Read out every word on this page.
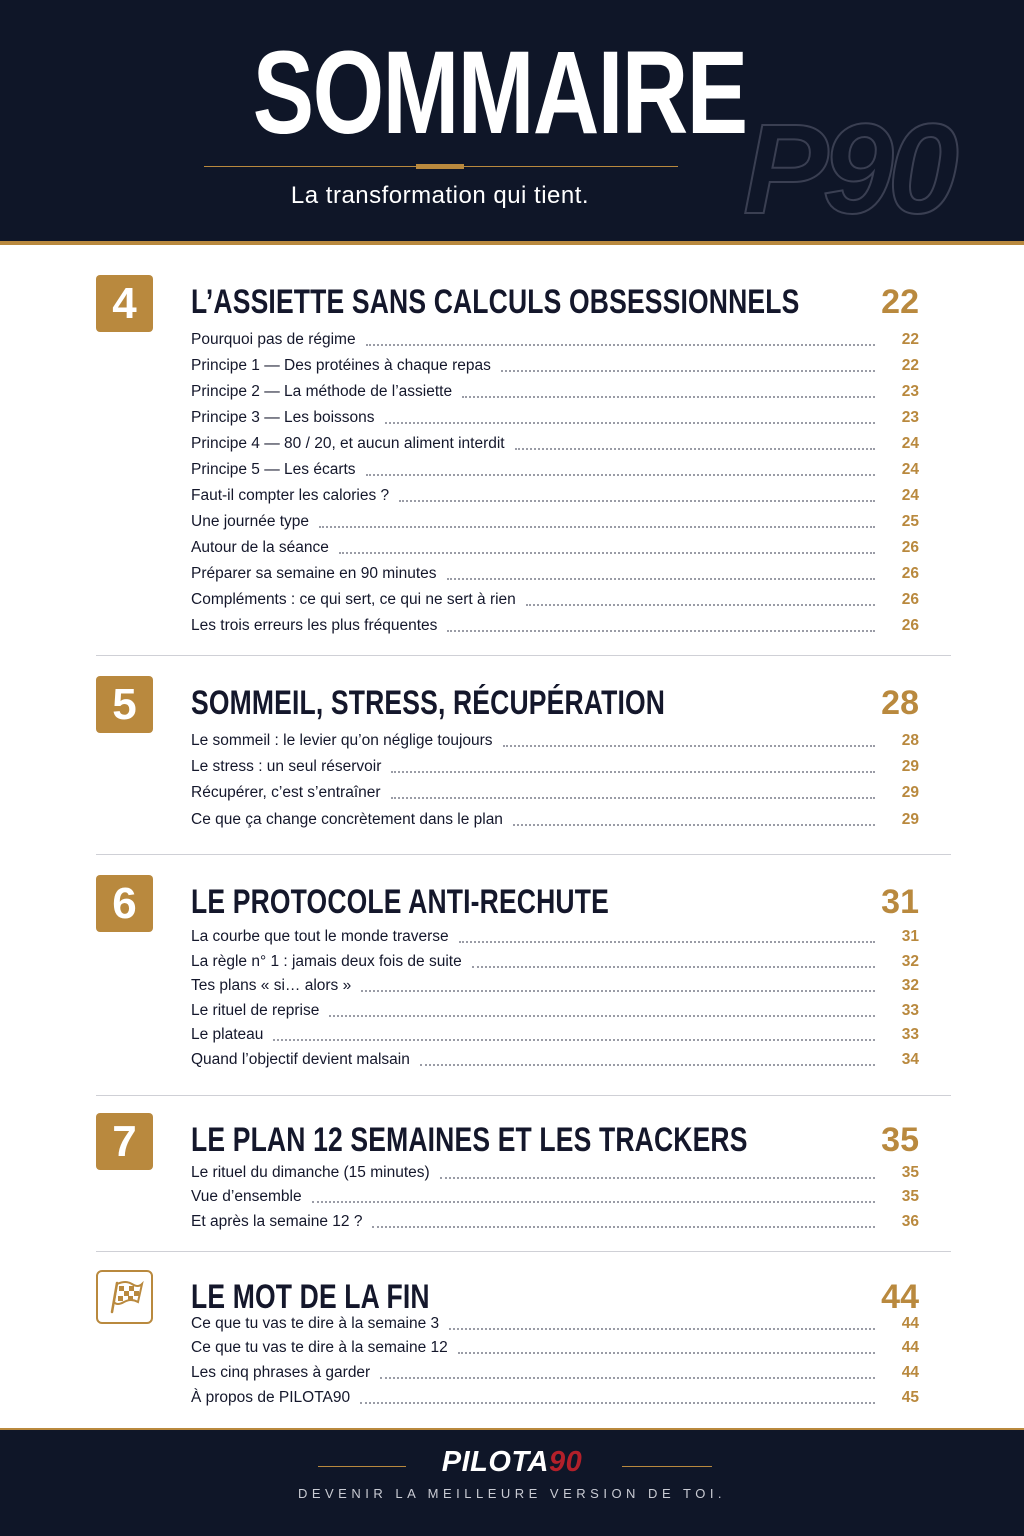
SOMMAIRE
La transformation qui tient.	P90
4	L’ASSIETTE SANS CALCULS OBSESSIONNELS 22
Pourquoi pas de régime	22
Principe 1 — Des protéines à chaque repas	22
Principe 2 — La méthode de l’assiette	23
Principe 3 — Les boissons	23
Principe 4 — 80 / 20, et aucun aliment interdit	24
Principe 5 — Les écarts	24
Faut-il compter les calories ?	24
Une journée type	25
Autour de la séance	26
Préparer sa semaine en 90 minutes	26
Compléments : ce qui sert, ce qui ne sert à rien	26
Les trois erreurs les plus fréquentes	26
5	SOMMEIL, STRESS, RÉCUPÉRATION	28
Le sommeil : le levier qu’on néglige toujours	28
Le stress : un seul réservoir	29
Récupérer, c’est s’entraîner	29
Ce que ça change concrètement dans le plan	29
6	LE PROTOCOLE ANTI-RECHUTE	31
La courbe que tout le monde traverse	31
La règle n° 1 : jamais deux fois de suite	32
Tes plans « si… alors »	32
Le rituel de reprise	33
Le plateau	33
Quand l’objectif devient malsain	34
7	LE PLAN 12 SEMAINES ET LES TRACKERS	35
Le rituel du dimanche (15 minutes)	35
Vue d’ensemble	35
Et après la semaine 12 ?	36
LE MOT DE LA FIN	44
Ce que tu vas te dire à la semaine 3	44
Ce que tu vas te dire à la semaine 12	44
Les cinq phrases à garder	44
À propos de PILOTA90	45
PILOTA90
DEVENIR LA MEILLEURE VERSION DE TOI.
